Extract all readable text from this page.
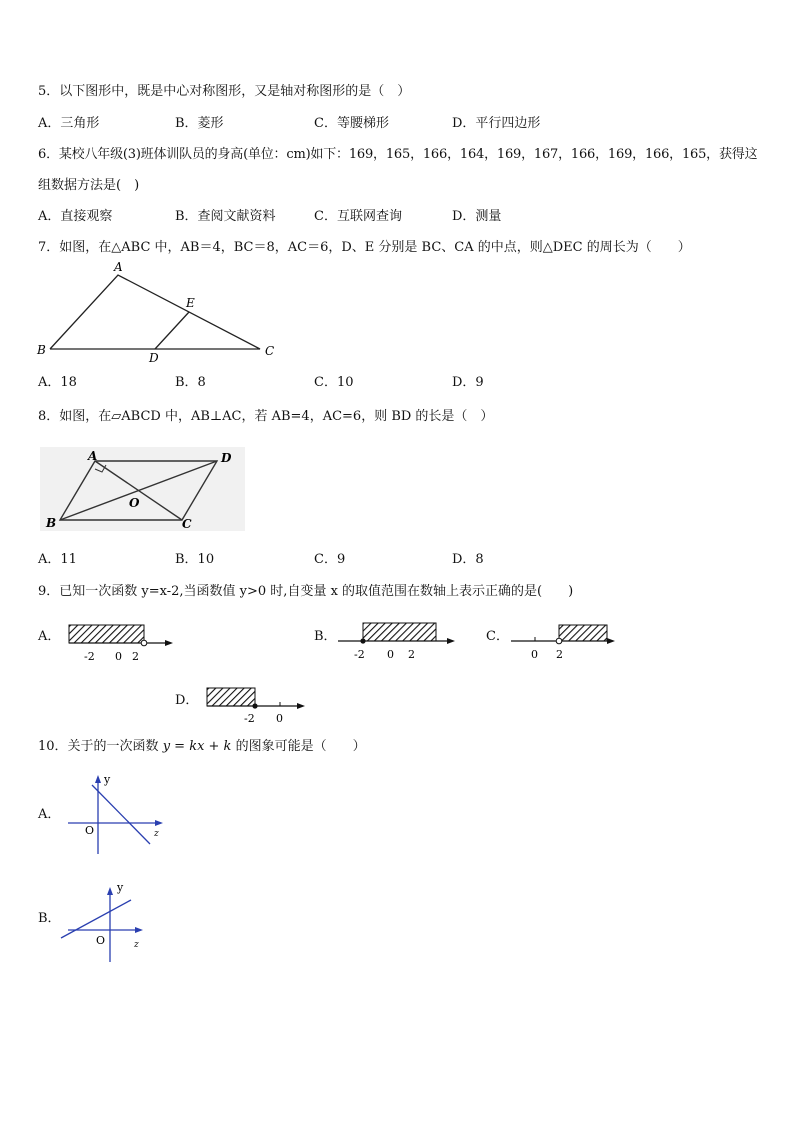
5．以下图形中，既是中心对称图形，又是轴对称图形的是（　）
A．三角形	B．菱形	C．等腰梯形	D．平行四边形
6．某校八年级(3)班体训队员的身高(单位：cm)如下：169，165，166，164，169，167，166，169，166，165，获得这
组数据方法是(　)
A．直接观察	B．查阅文献资料	C．互联网查询	D．测量
7．如图，在△ABC 中，AB＝4，BC＝8，AC＝6，D、E 分别是 BC、CA 的中点，则△DEC 的周长为（　　）
A
B	C
D
E
A．18	B．8	C．10	D．9
8．如图，在▱ABCD 中，AB⊥AC，若 AB=4，AC=6，则 BD 的长是（　）
A
B	C
D
O
A．11	B．10	C．9	D．8
9．已知一次函数 y=x-2,当函数值 y>0 时,自变量 x 的取值范围在数轴上表示正确的是(　　)
A．
-2 0 2
B．
-2 0 2
C．
0 2
D．
-2 0
10．关于的一次函数 y = kx + k 的图象可能是（　　）
A．
y
z
O
B．
y
z
O
